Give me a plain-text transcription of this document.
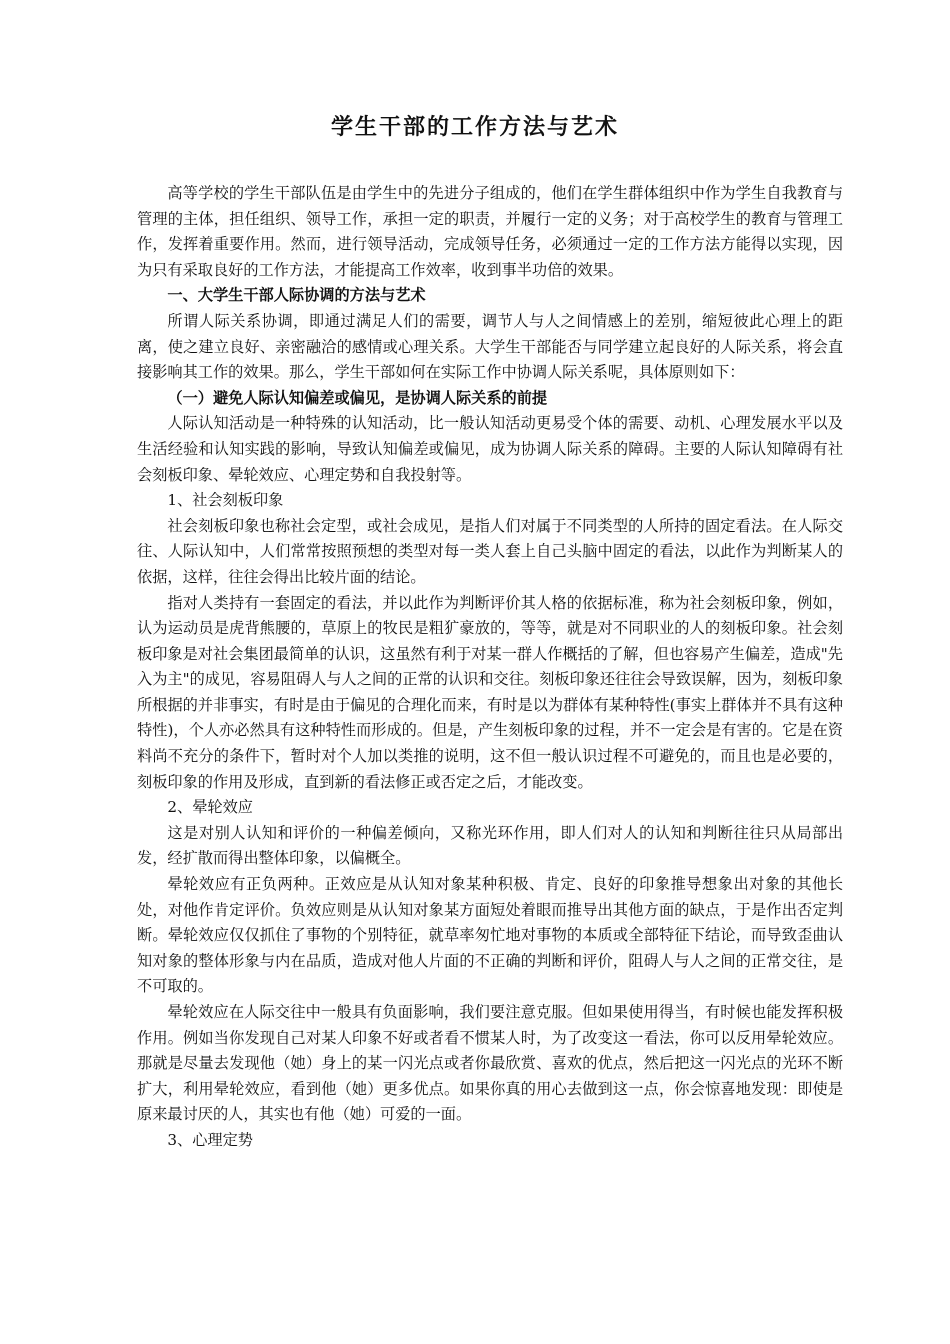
学生干部的工作方法与艺术

高等学校的学生干部队伍是由学生中的先进分子组成的，他们在学生群体组织中作为学生自我教育与管理的主体，担任组织、领导工作，承担一定的职责，并履行一定的义务；对于高校学生的教育与管理工作，发挥着重要作用。然而，进行领导活动，完成领导任务，必须通过一定的工作方法方能得以实现，因为只有采取良好的工作方法，才能提高工作效率，收到事半功倍的效果。

一、大学生干部人际协调的方法与艺术

所谓人际关系协调，即通过满足人们的需要，调节人与人之间情感上的差别，缩短彼此心理上的距离，使之建立良好、亲密融洽的感情或心理关系。大学生干部能否与同学建立起良好的人际关系，将会直接影响其工作的效果。那么，学生干部如何在实际工作中协调人际关系呢，具体原则如下：

（一）避免人际认知偏差或偏见，是协调人际关系的前提

人际认知活动是一种特殊的认知活动，比一般认知活动更易受个体的需要、动机、心理发展水平以及生活经验和认知实践的影响，导致认知偏差或偏见，成为协调人际关系的障碍。主要的人际认知障碍有社会刻板印象、晕轮效应、心理定势和自我投射等。

1、社会刻板印象

社会刻板印象也称社会定型，或社会成见，是指人们对属于不同类型的人所持的固定看法。在人际交往、人际认知中，人们常常按照预想的类型对每一类人套上自己头脑中固定的看法，以此作为判断某人的依据，这样，往往会得出比较片面的结论。

指对人类持有一套固定的看法，并以此作为判断评价其人格的依据标准，称为社会刻板印象，例如，认为运动员是虎背熊腰的，草原上的牧民是粗犷豪放的，等等，就是对不同职业的人的刻板印象。社会刻板印象是对社会集团最简单的认识，这虽然有利于对某一群人作概括的了解，但也容易产生偏差，造成"先入为主"的成见，容易阻碍人与人之间的正常的认识和交往。刻板印象还往往会导致误解，因为，刻板印象所根据的并非事实，有时是由于偏见的合理化而来，有时是以为群体有某种特性(事实上群体并不具有这种特性)，个人亦必然具有这种特性而形成的。但是，产生刻板印象的过程，并不一定会是有害的。它是在资料尚不充分的条件下，暂时对个人加以类推的说明，这不但一般认识过程不可避免的，而且也是必要的，刻板印象的作用及形成，直到新的看法修正或否定之后，才能改变。

2、晕轮效应

这是对别人认知和评价的一种偏差倾向，又称光环作用，即人们对人的认知和判断往往只从局部出发，经扩散而得出整体印象，以偏概全。

晕轮效应有正负两种。正效应是从认知对象某种积极、肯定、良好的印象推导想象出对象的其他长处，对他作肯定评价。负效应则是从认知对象某方面短处着眼而推导出其他方面的缺点，于是作出否定判断。晕轮效应仅仅抓住了事物的个别特征，就草率匆忙地对事物的本质或全部特征下结论，而导致歪曲认知对象的整体形象与内在品质，造成对他人片面的不正确的判断和评价，阻碍人与人之间的正常交往，是不可取的。

晕轮效应在人际交往中一般具有负面影响，我们要注意克服。但如果使用得当，有时候也能发挥积极作用。例如当你发现自己对某人印象不好或者看不惯某人时，为了改变这一看法，你可以反用晕轮效应。那就是尽量去发现他（她）身上的某一闪光点或者你最欣赏、喜欢的优点，然后把这一闪光点的光环不断扩大，利用晕轮效应，看到他（她）更多优点。如果你真的用心去做到这一点，你会惊喜地发现：即使是原来最讨厌的人，其实也有他（她）可爱的一面。

3、心理定势
